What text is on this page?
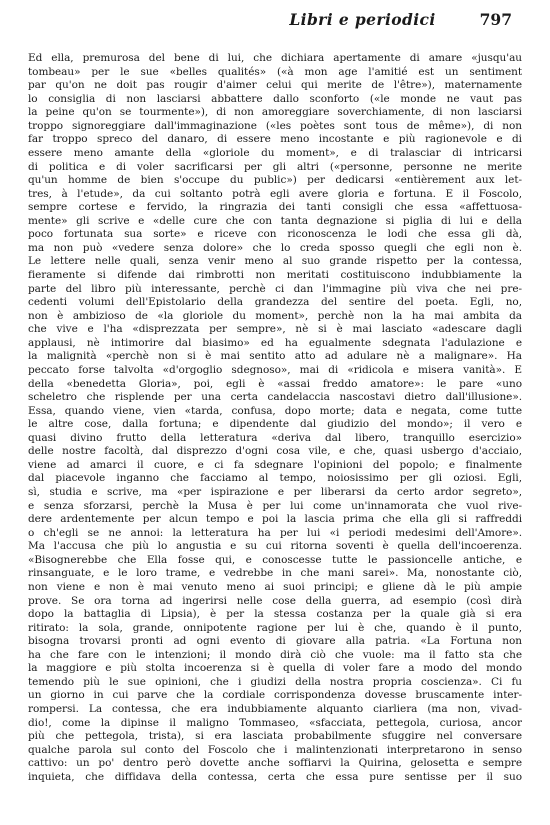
Libri e periodici	797
Ed ella, premurosa del bene di lui, che dichiara apertamente di amare «jusqu'au
tombeau» per le sue «belles qualités» («à mon age l'amitié est un sentiment
par qu'on ne doit pas rougir d'aimer celui qui merite de l'être»), maternamente
lo consiglia di non lasciarsi abbattere dallo sconforto («le monde ne vaut pas
la peine qu'on se tourmente»), di non amoreggiare soverchiamente, di non lasciarsi
troppo signoreggiare dall'immaginazione («les poètes sont tous de même»), di non
far troppo spreco del danaro, di essere meno incostante e più ragionevole e di
essere meno amante della «gloriole du moment», e di tralasciar di intricarsi
di politica e di voler sacrificarsi per gli altri («personne, personne ne merite
qu'un homme de bien s'occupe du public») per dedicarsi «entièrement aux let-
tres, à l'etude», da cui soltanto potrà egli avere gloria e fortuna. E il Foscolo,
sempre cortese e fervido, la ringrazia dei tanti consigli che essa «affettuosa-
mente» gli scrive e «delle cure che con tanta degnazione si piglia di lui e della
poco fortunata sua sorte» e riceve con riconoscenza le lodi che essa gli dà,
ma non può «vedere senza dolore» che lo creda sposso quegli che egli non è.
Le lettere nelle quali, senza venir meno al suo grande rispetto per la contessa,
fieramente si difende dai rimbrotti non meritati costituiscono indubbiamente la
parte del libro più interessante, perchè ci dan l'immagine più viva che nei pre-
cedenti volumi dell'Epistolario della grandezza del sentire del poeta. Egli, no,
non è ambizioso de «la gloriole du moment», perchè non la ha mai ambita da
che vive e l'ha «disprezzata per sempre», nè si è mai lasciato «adescare dagli
applausi, nè intimorire dal biasimo» ed ha egualmente sdegnata l'adulazione e
la malignità «perchè non si è mai sentito atto ad adulare nè a malignare». Ha
peccato forse talvolta «d'orgoglio sdegnoso», mai di «ridicola e misera vanità». E
della «benedetta Gloria», poi, egli è «assai freddo amatore»: le pare «uno
scheletro che risplende per una certa candelaccia nascostavi dietro dall'illusione».
Essa, quando viene, vien «tarda, confusa, dopo morte; data e negata, come tutte
le altre cose, dalla fortuna; e dipendente dal giudizio del mondo»; il vero e
quasi divino frutto della letteratura «deriva dal libero, tranquillo esercizio»
delle nostre facoltà, dal disprezzo d'ogni cosa vile, e che, quasi usbergo d'acciaio,
viene ad amarci il cuore, e ci fa sdegnare l'opinioni del popolo; e finalmente
dal piacevole inganno che facciamo al tempo, noiosissimo per gli oziosi. Egli,
sì, studia e scrive, ma «per ispirazione e per liberarsi da certo ardor segreto»,
e senza sforzarsi, perchè la Musa è per lui come un'innamorata che vuol rive-
dere ardentemente per alcun tempo e poi la lascia prima che ella gli si raffreddi
o ch'egli se ne annoi: la letteratura ha per lui «i periodi medesimi dell'Amore».
Ma l'accusa che più lo angustia e su cui ritorna soventi è quella dell'incoerenza.
«Bisognerebbe che Ella fosse qui, e conoscesse tutte le passioncelle antiche, e
rinsanguate, e le loro trame, e vedrebbe in che mani sarei». Ma, nonostante ciò,
non viene e non è mai venuto meno ai suoi principi; e gliene dà le più ampie
prove. Se ora torna ad ingerirsi nelle cose della guerra, ad esempio (così dirà
dopo la battaglia di Lipsia), è per la stessa costanza per la quale già si era
ritirato: la sola, grande, onnipotente ragione per lui è che, quando è il punto,
bisogna trovarsi pronti ad ogni evento di giovare alla patria. «La Fortuna non
ha che fare con le intenzioni; il mondo dirà ciò che vuole: ma il fatto sta che
la maggiore e più stolta incoerenza si è quella di voler fare a modo del mondo
temendo più le sue opinioni, che i giudizi della nostra propria coscienza». Ci fu
un giorno in cui parve che la cordiale corrispondenza dovesse bruscamente inter-
rompersi. La contessa, che era indubbiamente alquanto ciarliera (ma non, vivad-
dio!, come la dipinse il maligno Tommaseo, «sfacciata, pettegola, curiosa, ancor
più che pettegola, trista), si era lasciata probabilmente sfuggire nel conversare
qualche parola sul conto del Foscolo che i malintenzionati interpretarono in senso
cattivo: un po' dentro però dovette anche soffiarvi la Quirina, gelosetta e sempre
inquieta, che diffidava della contessa, certa che essa pure sentisse per il suo
